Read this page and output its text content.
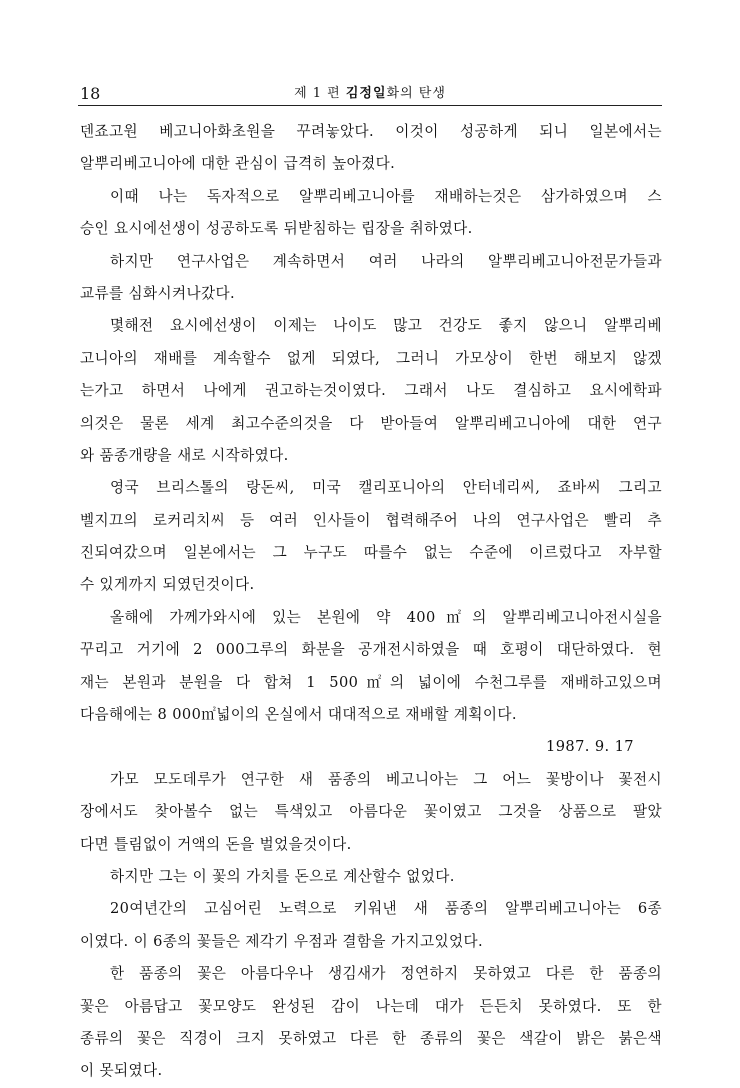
18	제 1 편 김정일화의 탄생
덴죠고원 베고니아화초원을 꾸려놓았다. 이것이 성공하게 되니 일본에서는
알뿌리베고니아에 대한 관심이 급격히 높아졌다.
이때 나는 독자적으로 알뿌리베고니아를 재배하는것은 삼가하였으며 스
승인 요시에선생이 성공하도록 뒤받침하는 립장을 취하였다.
하지만 연구사업은 계속하면서 여러 나라의 알뿌리베고니아전문가들과
교류를 심화시켜나갔다.
몇해전 요시에선생이 이제는 나이도 많고 건강도 좋지 않으니 알뿌리베
고니아의 재배를 계속할수 없게 되였다, 그러니 가모상이 한번 해보지 않겠
는가고 하면서 나에게 권고하는것이였다. 그래서 나도 결심하고 요시에학파
의것은 물론 세계 최고수준의것을 다 받아들여 알뿌리베고니아에 대한 연구
와 품종개량을 새로 시작하였다.
영국 브리스톨의 랑돈씨, 미국 캘리포니아의 안터네리씨, 죠바씨 그리고
벨지끄의 로커리치씨 등 여러 인사들이 협력해주어 나의 연구사업은 빨리 추
진되여갔으며 일본에서는 그 누구도 따를수 없는 수준에 이르렀다고 자부할
수 있게까지 되였던것이다.
올해에 가께가와시에 있는 본원에 약 400㎡의 알뿌리베고니아전시실을
꾸리고 거기에 2 000그루의 화분을 공개전시하였을 때 호평이 대단하였다. 현
재는 본원과 분원을 다 합쳐 1 500㎡의 넓이에 수천그루를 재배하고있으며
다음해에는 8 000㎡넓이의 온실에서 대대적으로 재배할 계획이다.
1987. 9. 17
가모 모도데루가 연구한 새 품종의 베고니아는 그 어느 꽃방이나 꽃전시
장에서도 찾아볼수 없는 특색있고 아름다운 꽃이였고 그것을 상품으로 팔았
다면 틀림없이 거액의 돈을 벌었을것이다.
하지만 그는 이 꽃의 가치를 돈으로 계산할수 없었다.
20여년간의 고심어린 노력으로 키워낸 새 품종의 알뿌리베고니아는 6종
이였다. 이 6종의 꽃들은 제각기 우점과 결함을 가지고있었다.
한 품종의 꽃은 아름다우나 생김새가 정연하지 못하였고 다른 한 품종의
꽃은 아름답고 꽃모양도 완성된 감이 나는데 대가 든든치 못하였다. 또 한
종류의 꽃은 직경이 크지 못하였고 다른 한 종류의 꽃은 색갈이 밝은 붉은색
이 못되였다.
